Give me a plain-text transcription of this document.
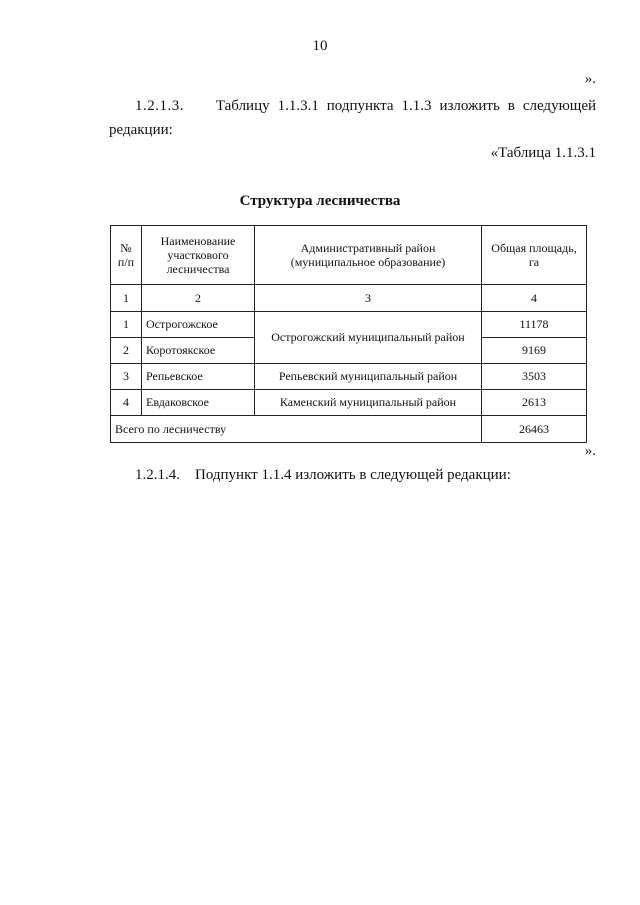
10
».
1.2.1.3. Таблицу 1.1.3.1 подпункта 1.1.3 изложить в следующей редакции:
«Таблица 1.1.3.1
Структура лесничества
№ п/п	Наименование участкового лесничества	Административный район (муниципальное образование)	Общая площадь, га
1	2	3	4
1	Острогожское	Острогожский муниципальный район	11178
2	Коротоякское		9169
3	Репьевское	Репьевский муниципальный район	3503
4	Евдаковское	Каменский муниципальный район	2613
Всего по лесничеству			26463
».
1.2.1.4. Подпункт 1.1.4 изложить в следующей редакции:
